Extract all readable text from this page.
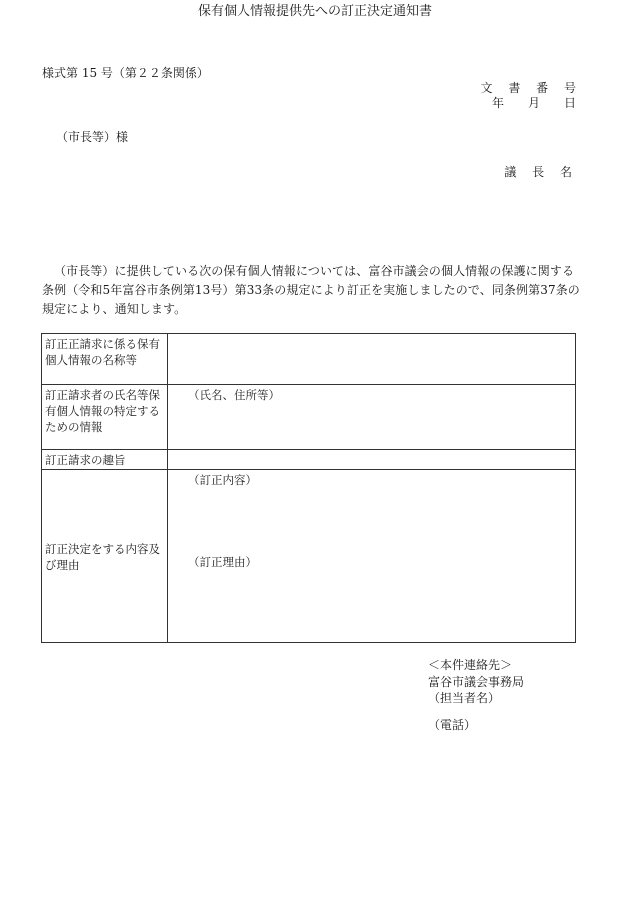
様式第 15 号（第２２条関係）
文 書 番 号
年　月　日
（市長等）様
議 長 名
保有個人情報提供先への訂正決定通知書
（市長等）に提供している次の保有個人情報については、富谷市議会の個人情報の保護に関する条例（令和5年富谷市条例第13号）第33条の規定により訂正を実施しましたので、同条例第37条の規定により、通知します。
訂正正請求に係る保有個人情報の名称等	
訂正請求者の氏名等保有個人情報の特定するための情報	（氏名、住所等）
訂正請求の趣旨	
訂正決定をする内容及び理由	（訂正内容）
（訂正理由）
＜本件連絡先＞
富谷市議会事務局
（担当者名）
（電話）
